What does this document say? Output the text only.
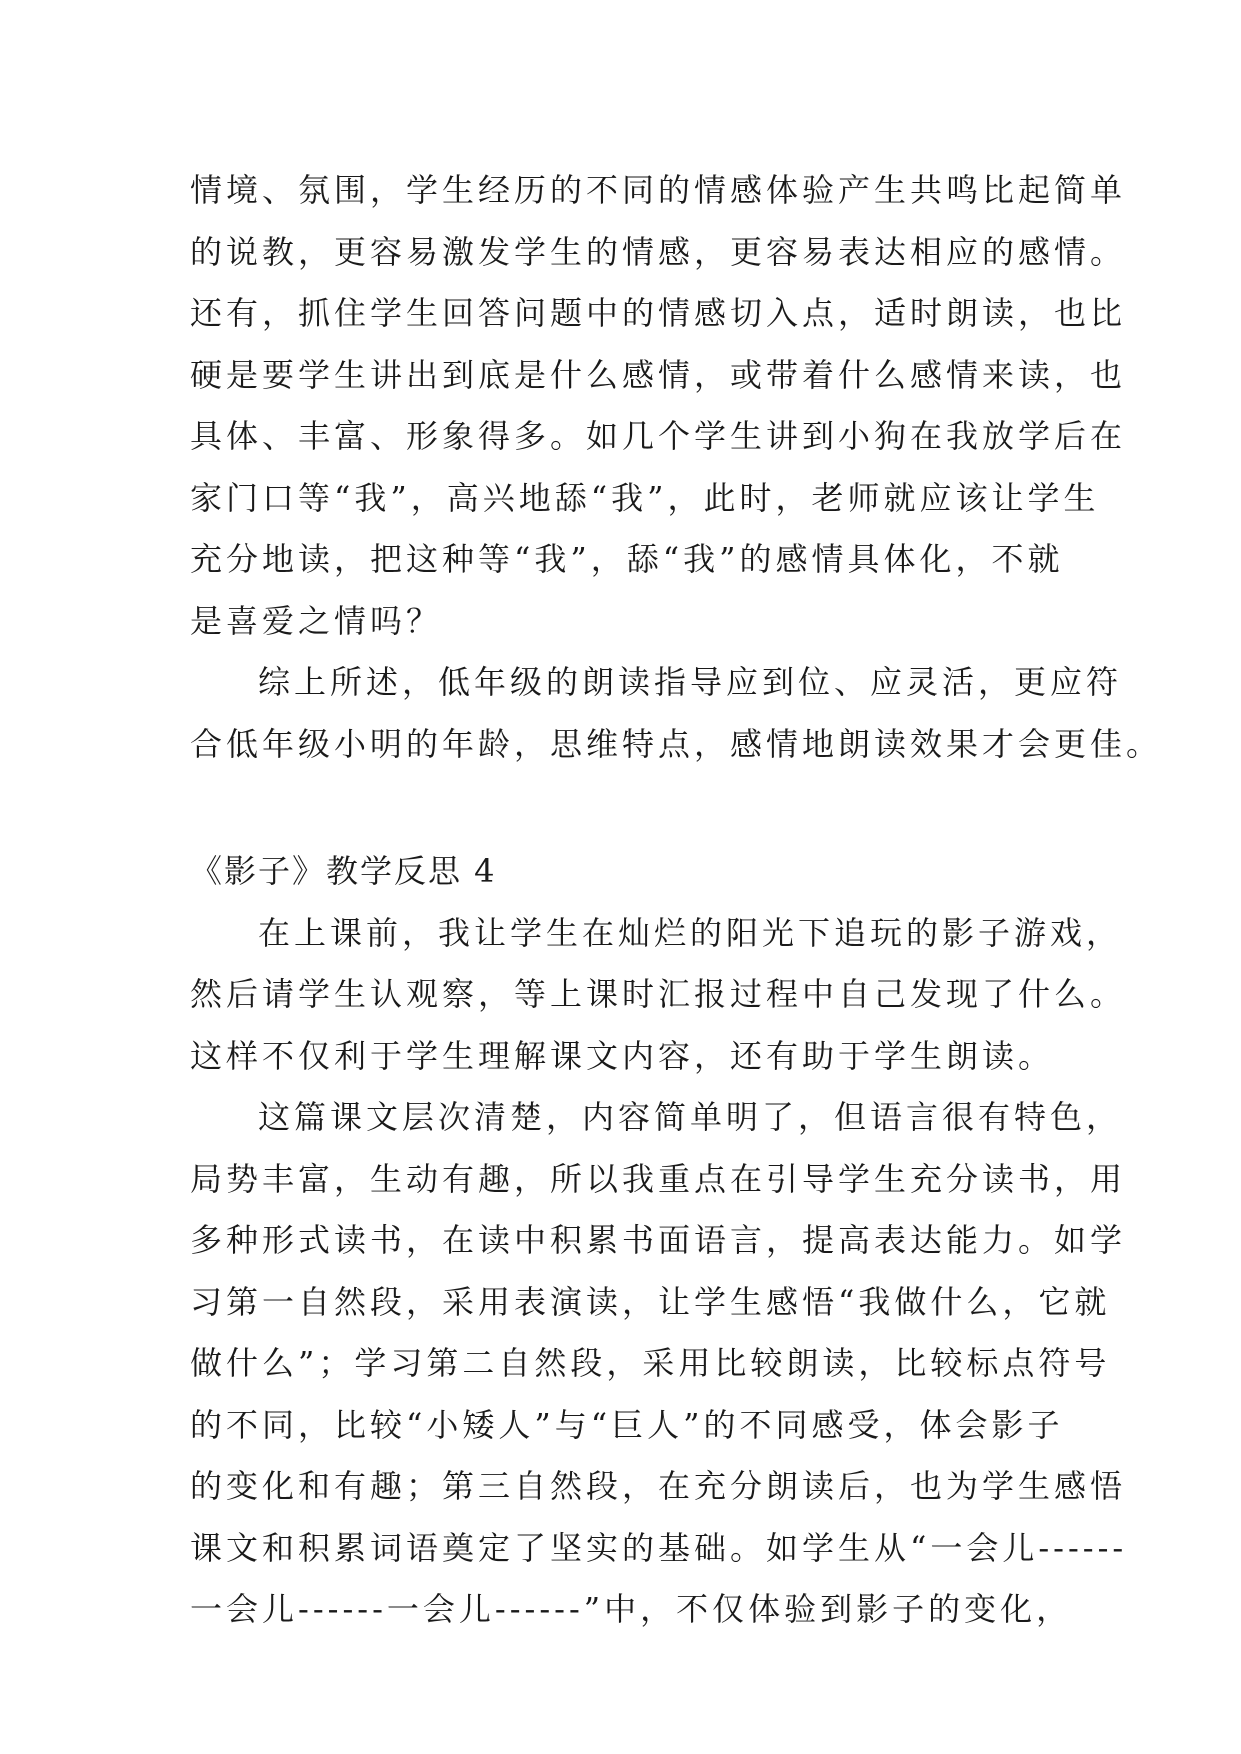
情境、氛围，学生经历的不同的情感体验产生共鸣比起简单
的说教，更容易激发学生的情感，更容易表达相应的感情。
还有，抓住学生回答问题中的情感切入点，适时朗读，也比
硬是要学生讲出到底是什么感情，或带着什么感情来读，也
具体、丰富、形象得多。如几个学生讲到小狗在我放学后在
家门口等“我”，高兴地舔“我”，此时，老师就应该让学生
充分地读，把这种等“我”，舔“我”的感情具体化，不就
是喜爱之情吗？
综上所述，低年级的朗读指导应到位、应灵活，更应符
合低年级小明的年龄，思维特点，感情地朗读效果才会更佳。
《影子》教学反思 4
在上课前，我让学生在灿烂的阳光下追玩的影子游戏，
然后请学生认观察，等上课时汇报过程中自己发现了什么。
这样不仅利于学生理解课文内容，还有助于学生朗读。
这篇课文层次清楚，内容简单明了，但语言很有特色，
局势丰富，生动有趣，所以我重点在引导学生充分读书，用
多种形式读书，在读中积累书面语言，提高表达能力。如学
习第一自然段，采用表演读，让学生感悟“我做什么，它就
做什么”；学习第二自然段，采用比较朗读，比较标点符号
的不同，比较“小矮人”与“巨人”的不同感受，体会影子
的变化和有趣；第三自然段，在充分朗读后，也为学生感悟
课文和积累词语奠定了坚实的基础。如学生从“一会儿------
一会儿------一会儿------”中，不仅体验到影子的变化，
